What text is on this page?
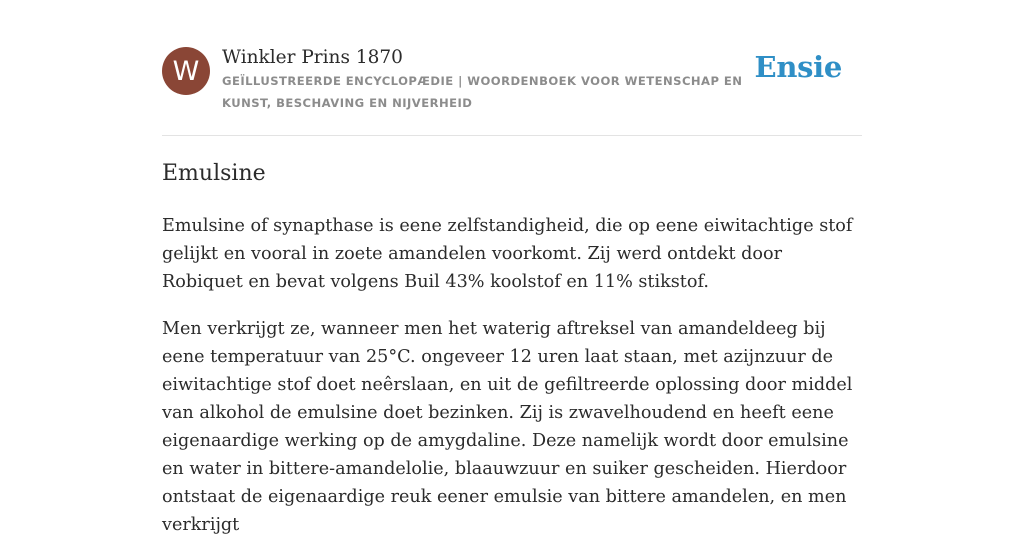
W	Winkler Prins 1870
GEÏLLUSTREERDE ENCYCLOPÆDIE | WOORDENBOEK VOOR WETENSCHAP EN KUNST, BESCHAVING EN NIJVERHEID
Ensie
Emulsine

Emulsine of synapthase is eene zelfstandigheid, die op eene eiwitachtige stof gelijkt en vooral in zoete amandelen voorkomt. Zij werd ontdekt door Robiquet en bevat volgens Buil 43% koolstof en 11% stikstof.

Men verkrijgt ze, wanneer men het waterig aftreksel van amandeldeeg bij eene temperatuur van 25°C. ongeveer 12 uren laat staan, met azijnzuur de eiwitachtige stof doet neêrslaan, en uit de gefiltreerde oplossing door middel van alkohol de emulsine doet bezinken. Zij is zwavelhoudend en heeft eene eigenaardige werking op de amygdaline. Deze namelijk wordt door emulsine en water in bittere-amandelolie, blaauwzuur en suiker gescheiden. Hierdoor ontstaat de eigenaardige reuk eener emulsie van bittere amandelen, en men verkrijgt
